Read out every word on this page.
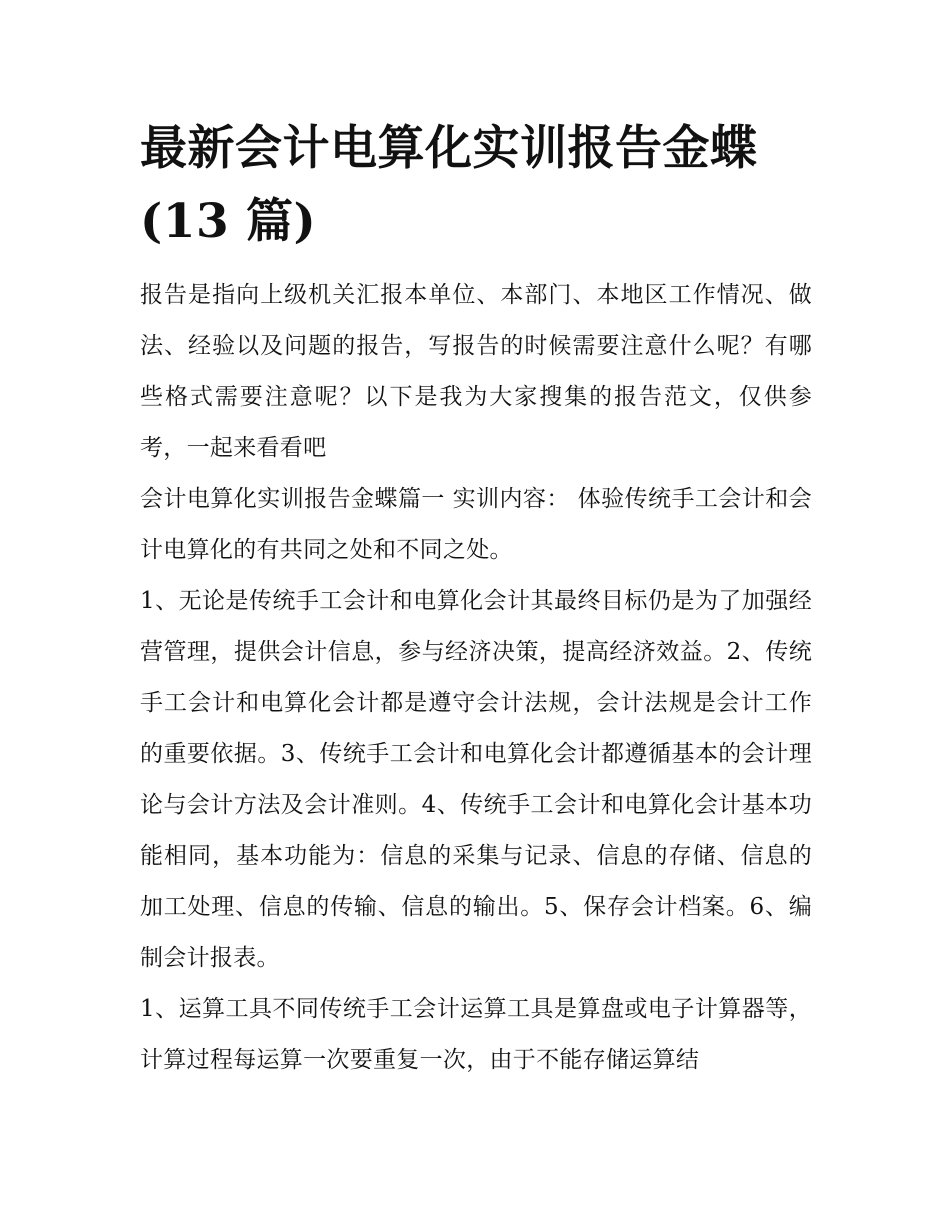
最新会计电算化实训报告金蝶
(13 篇)

报告是指向上级机关汇报本单位、本部门、本地区工作情况、做法、经验以及问题的报告，写报告的时候需要注意什么呢？有哪些格式需要注意呢？以下是我为大家搜集的报告范文，仅供参考，一起来看看吧

会计电算化实训报告金蝶篇一 实训内容： 体验传统手工会计和会计电算化的有共同之处和不同之处。

1、无论是传统手工会计和电算化会计其最终目标仍是为了加强经营管理，提供会计信息，参与经济决策，提高经济效益。2、传统手工会计和电算化会计都是遵守会计法规，会计法规是会计工作的重要依据。3、传统手工会计和电算化会计都遵循基本的会计理论与会计方法及会计准则。4、传统手工会计和电算化会计基本功能相同，基本功能为：信息的采集与记录、信息的存储、信息的加工处理、信息的传输、信息的输出。5、保存会计档案。6、编制会计报表。

1、运算工具不同传统手工会计运算工具是算盘或电子计算器等，计算过程每运算一次要重复一次，由于不能存储运算结
